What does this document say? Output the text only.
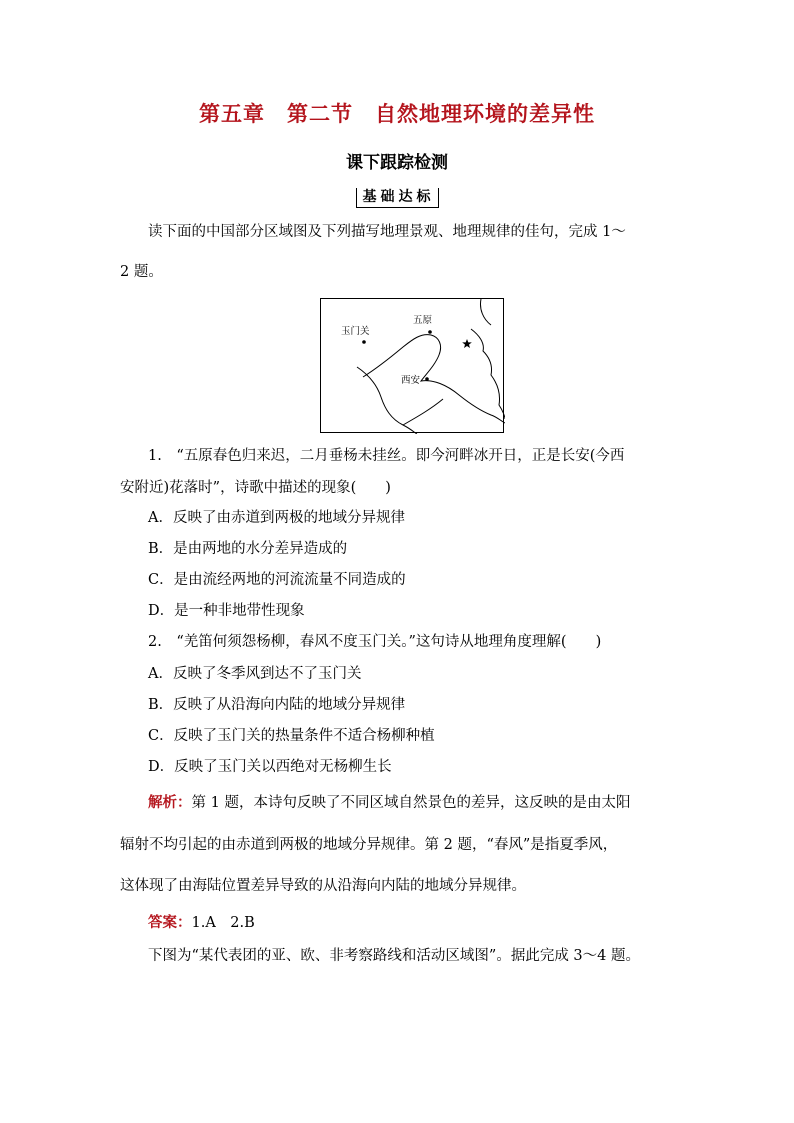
第五章　第二节　自然地理环境的差异性
课下跟踪检测
基础达标
读下面的中国部分区域图及下列描写地理景观、地理规律的佳句，完成 1～
2 题。
五原
玉门关
西安
1.　“五原春色归来迟，二月垂杨未挂丝。即今河畔冰开日，正是长安(今西
安附近)花落时”，诗歌中描述的现象(　　)
A．反映了由赤道到两极的地域分异规律
B．是由两地的水分差异造成的
C．是由流经两地的河流流量不同造成的
D．是一种非地带性现象
2.　“羌笛何须怨杨柳，春风不度玉门关。”这句诗从地理角度理解(　　)
A．反映了冬季风到达不了玉门关
B．反映了从沿海向内陆的地域分异规律
C．反映了玉门关的热量条件不适合杨柳种植
D．反映了玉门关以西绝对无杨柳生长
解析：第 1 题，本诗句反映了不同区域自然景色的差异，这反映的是由太阳
辐射不均引起的由赤道到两极的地域分异规律。第 2 题，“春风”是指夏季风，
这体现了由海陆位置差异导致的从沿海向内陆的地域分异规律。
答案：1.A　2.B
下图为“某代表团的亚、欧、非考察路线和活动区域图”。据此完成 3～4 题。
